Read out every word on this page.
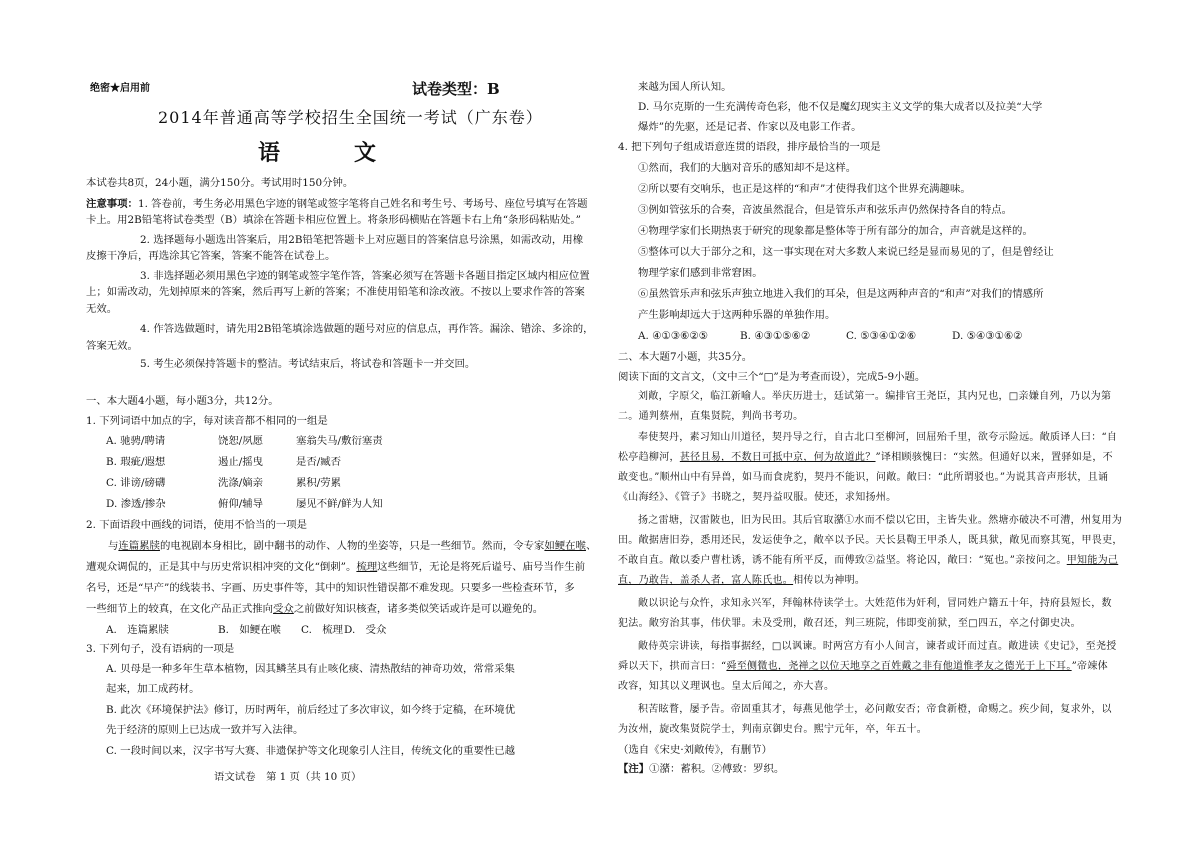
绝密★启用前	试卷类型：B
2014年普通高等学校招生全国统一考试（广东卷）
语　文
本试卷共8页，24小题，满分150分。考试用时150分钟。
注意事项：1. 答卷前，考生务必用黑色字迹的钢笔或签字笔将自己姓名和考生号、考场号、座位号填写在答题
卡上。用2B铅笔将试卷类型（B）填涂在答题卡相应位置上。将条形码横贴在答题卡右上角“条形码粘贴处。”
2. 选择题每小题选出答案后，用2B铅笔把答题卡上对应题目的答案信息号涂黑，如需改动，用橡
皮擦干净后，再选涂其它答案，答案不能答在试卷上。
3. 非选择题必须用黑色字迹的钢笔或签字笔作答，答案必须写在答题卡各题目指定区域内相应位置
上；如需改动，先划掉原来的答案，然后再写上新的答案；不准使用铅笔和涂改液。不按以上要求作答的答案
无效。
4. 作答选做题时，请先用2B铅笔填涂选做题的题号对应的信息点，再作答。漏涂、错涂、多涂的，
答案无效。
5. 考生必须保持答题卡的整洁。考试结束后，将试卷和答题卡一并交回。
一、本大题4小题，每小题3分，共12分。
1. 下列词语中加点的字，每对读音都不相同的一组是
A. 驰骋/聘请	饶恕/夙愿	塞翁失马/敷衍塞责
B. 瑕疵/遐想	遏止/摇曳	是否/臧否
C. 诽谤/磅礴	洗涤/嫡亲	累积/劳累
D. 渗透/掺杂	俯仰/辅导	屡见不鲜/鲜为人知
2. 下面语段中画线的词语，使用不恰当的一项是
与连篇累牍的电视剧本身相比，剧中翻书的动作、人物的坐姿等，只是一些细节。然而，令专家如鲠在喉、
遭观众调侃的，正是其中与历史常识相冲突的文化“倒刺”。梳理这些细节，无论是将死后谥号、庙号当作生前
名号，还是“早产”的线装书、字画、历史事件等，其中的知识性错误都不难发现。只要多一些检查环节，多
一些细节上的较真，在文化产品正式推向受众之前做好知识核查，诸多类似笑话或许是可以避免的。
A.　连篇累牍	B.　如鲠在喉 C.　梳理 D.　受众
3. 下列句子，没有语病的一项是
A. 贝母是一种多年生草本植物，因其鳞茎具有止咳化痰、清热散结的神奇功效，常常采集
起来，加工成药材。
B. 此次《环境保护法》修订，历时两年，前后经过了多次审议，如今终于定稿，在环境优
先于经济的原则上已达成一致并写入法律。
C. 一段时间以来，汉字书写大赛、非遗保护等文化现象引人注目，传统文化的重要性已越
语文试卷　第 1 页（共 10 页）
来越为国人所认知。
D. 马尔克斯的一生充满传奇色彩，他不仅是魔幻现实主义文学的集大成者以及拉美“大学
爆炸”的先驱，还是记者、作家以及电影工作者。
4. 把下列句子组成语意连贯的语段，排序最恰当的一项是
①然而，我们的大脑对音乐的感知却不是这样。
②所以要有交响乐，也正是这样的“和声”才使得我们这个世界充满趣味。
③例如管弦乐的合奏，音波虽然混合，但是管乐声和弦乐声仍然保持各自的特点。
④物理学家们长期热衷于研究的现象都是整体等于所有部分的加合，声音就是这样的。
⑤整体可以大于部分之和，这一事实现在对大多数人来说已经是显而易见的了，但是曾经让
物理学家们感到非常窘困。
⑥虽然管乐声和弦乐声独立地进入我们的耳朵，但是这两种声音的“和声”对我们的情感所
产生影响却远大于这两种乐器的单独作用。
A. ④①③⑥②⑤	B. ④③①⑤⑥②	C. ⑤③④①②⑥	D. ⑤④③①⑥②
二、本大题7小题，共35分。
阅读下面的文言文，（文中三个“□”是为考查而设），完成5-9小题。
刘敞，字原父，临江新喻人。举庆历进士，廷试第一。编排官王尧臣，其内兄也，□亲嫌自列，乃以为第
二。通判蔡州，直集贤院，判尚书考功。
奉使契丹，素习知山川道径，契丹导之行，自古北口至柳河，回屈殆千里，欲夸示险远。敞质译人曰：“自
松亭趋柳河，甚径且易，不数日可抵中京，何为故道此？”译相顾骇愧曰：“实然。但通好以来，置驿如是，不
敢变也。”顺州山中有异兽，如马而食虎豹，契丹不能识，问敞。敞曰：“此所谓驳也。”为说其音声形状，且诵
《山海经》、《管子》书晓之，契丹益叹服。使还，求知扬州。
扬之雷塘，汉雷陂也，旧为民田。其后官取潴①水而不偿以它田，主皆失业。然塘亦破决不可漕，州复用为
田。敞据唐旧券，悉用还民，发运使争之，敞卒以予民。天长县鞫王甲杀人，既具狱，敞见而察其冤，甲畏吏，
不敢自直。敞以委户曹杜诱，诱不能有所平反，而傅致②益坚。将论囚，敞曰：“冤也。”亲按问之。甲知能为己
直，乃敢告，盖杀人者，富人陈氏也。相传以为神明。
敞以识论与众忤，求知永兴军，拜翰林侍读学士。大姓范伟为奸利，冒同姓户籍五十年，持府县短长，数
犯法。敞穷治其事，伟伏罪。未及受刑，敞召还，判三班院，伟即变前狱，至□四五，卒之付御史决。
敞侍英宗讲读，每指事据经，□以讽谏。时两宫方有小人间言，谏者或讦而过直。敞进读《史记》，至尧授
舜以天下，拱而言曰：“舜至侧微也，尧禅之以位天地享之百姓戴之非有他道惟孝友之德光于上下耳。”帝竦体
改容，知其以义理讽也。皇太后闻之，亦大喜。
积苦眩瞀，屡予告。帝固重其才，每燕见他学士，必问敞安否；帝食新橙，命赐之。疾少间，复求外，以
为汝州，旋改集贤院学士，判南京御史台。熙宁元年，卒，年五十。
（选自《宋史·刘敞传》，有删节）
【注】①潴：蓄积。②傅致：罗织。
